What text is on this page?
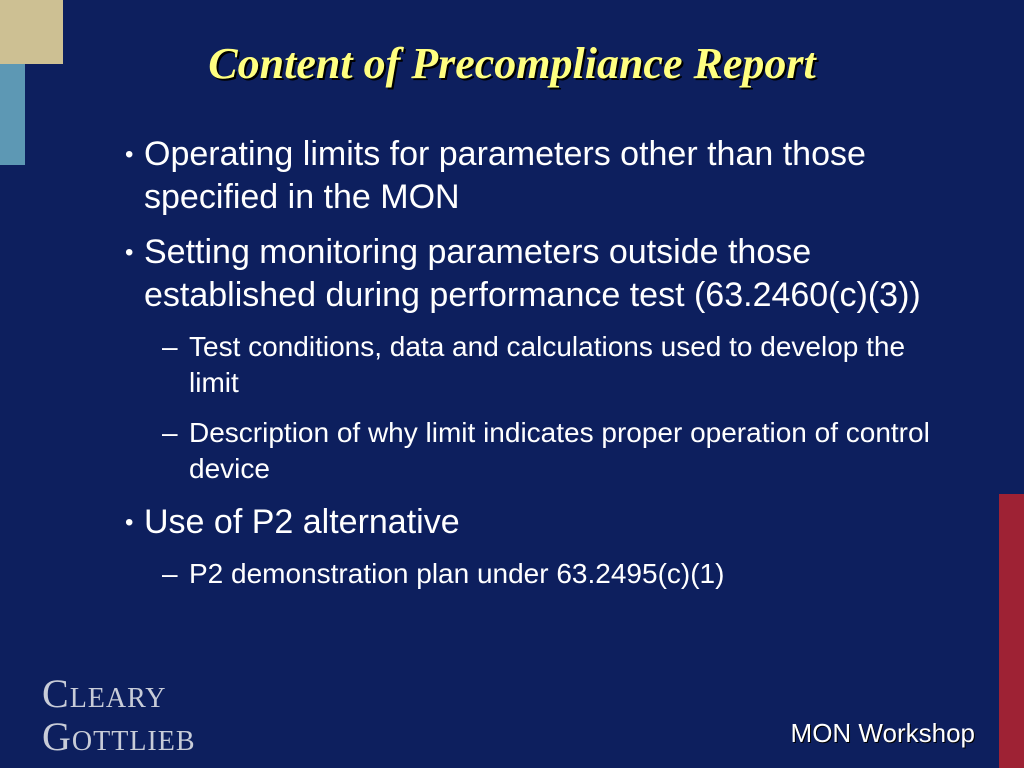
Content of Precompliance Report
• Operating limits for parameters other than those specified in the MON
• Setting monitoring parameters outside those established during performance test (63.2460(c)(3))
– Test conditions, data and calculations used to develop the limit
– Description of why limit indicates proper operation of control device
• Use of P2 alternative
– P2 demonstration plan under 63.2495(c)(1)
CLEARY
GOTTLIEB	MON Workshop
